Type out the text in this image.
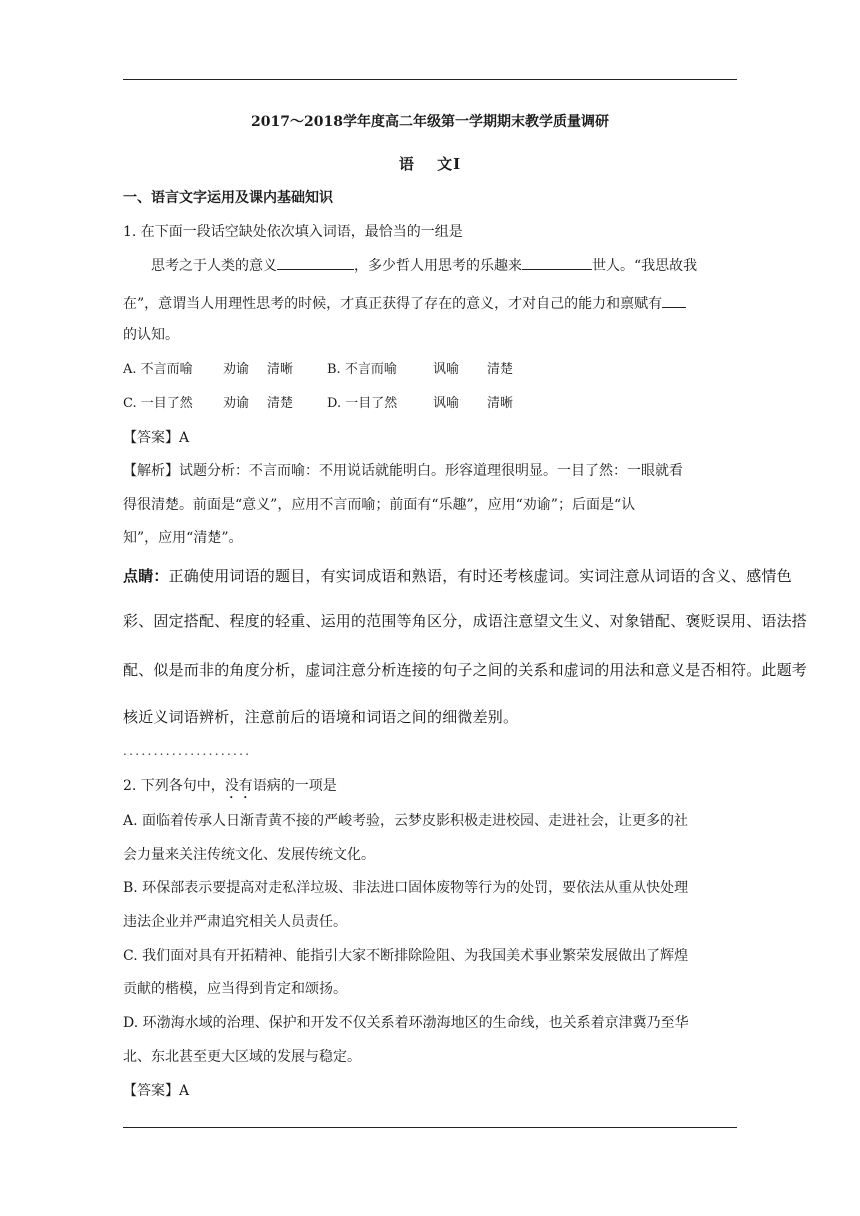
2017～2018学年度高二年级第一学期期末教学质量调研
语　 文Ⅰ
一、语言文字运用及课内基础知识
1. 在下面一段话空缺处依次填入词语，最恰当的一组是
思考之于人类的意义	，多少哲人用思考的乐趣来	世人。“我思故我
在”，意谓当人用理性思考的时候，才真正获得了存在的意义，才对自己的能力和禀赋有
的认知。
A. 不言而喻 劝谕 清晰	B. 不言而喻	讽喻 清楚
C. 一目了然 劝谕 清楚	D. 一目了然	讽喻 清晰
【答案】A
【解析】试题分析：不言而喻：不用说话就能明白。形容道理很明显。一目了然：一眼就看
得很清楚。前面是“意义”，应用不言而喻；前面有“乐趣”，应用“劝谕”；后面是“认
知”，应用“清楚”。
点睛：正确使用词语的题目，有实词成语和熟语，有时还考核虚词。实词注意从词语的含义、感情色
彩、固定搭配、程度的轻重、运用的范围等角区分，成语注意望文生义、对象错配、褒贬误用、语法搭
配、似是而非的角度分析，虚词注意分析连接的句子之间的关系和虚词的用法和意义是否相符。此题考
核近义词语辨析，注意前后的语境和词语之间的细微差别。
.....................
2. 下列各句中，没有语病的一项是
A. 面临着传承人日渐青黄不接的严峻考验，云梦皮影积极走进校园、走进社会，让更多的社
会力量来关注传统文化、发展传统文化。
B. 环保部表示要提高对走私洋垃圾、非法进口固体废物等行为的处罚，要依法从重从快处理
违法企业并严肃追究相关人员责任。
C. 我们面对具有开拓精神、能指引大家不断排除险阻、为我国美术事业繁荣发展做出了辉煌
贡献的楷模，应当得到肯定和颂扬。
D. 环渤海水域的治理、保护和开发不仅关系着环渤海地区的生命线，也关系着京津冀乃至华
北、东北甚至更大区域的发展与稳定。
【答案】A
